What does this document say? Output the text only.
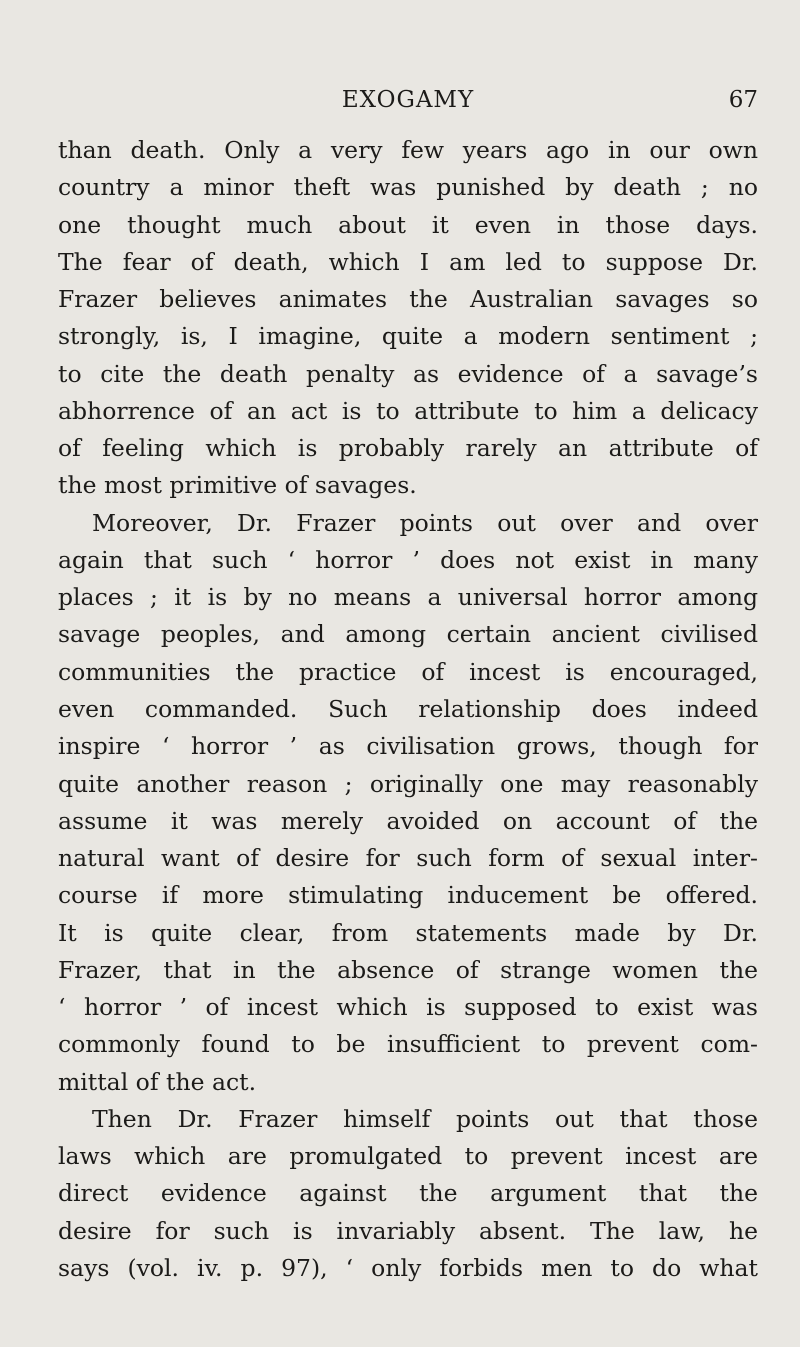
EXOGAMY	67
than death. Only a very few years ago in our own
country a minor theft was punished by death ; no
one thought much about it even in those days.
The fear of death, which I am led to suppose Dr.
Frazer believes animates the Australian savages so
strongly, is, I imagine, quite a modern sentiment ;
to cite the death penalty as evidence of a savage’s
abhorrence of an act is to attribute to him a delicacy
of feeling which is probably rarely an attribute of
the most primitive of savages.
Moreover, Dr. Frazer points out over and over
again that such ‘ horror ’ does not exist in many
places ; it is by no means a universal horror among
savage peoples, and among certain ancient civilised
communities the practice of incest is encouraged,
even commanded. Such relationship does indeed
inspire ‘ horror ’ as civilisation grows, though for
quite another reason ; originally one may reasonably
assume it was merely avoided on account of the
natural want of desire for such form of sexual inter-
course if more stimulating inducement be offered.
It is quite clear, from statements made by Dr.
Frazer, that in the absence of strange women the
‘ horror ’ of incest which is supposed to exist was
commonly found to be insufficient to prevent com-
mittal of the act.
Then Dr. Frazer himself points out that those
laws which are promulgated to prevent incest are
direct evidence against the argument that the
desire for such is invariably absent. The law, he
says (vol. iv. p. 97), ‘ only forbids men to do what
